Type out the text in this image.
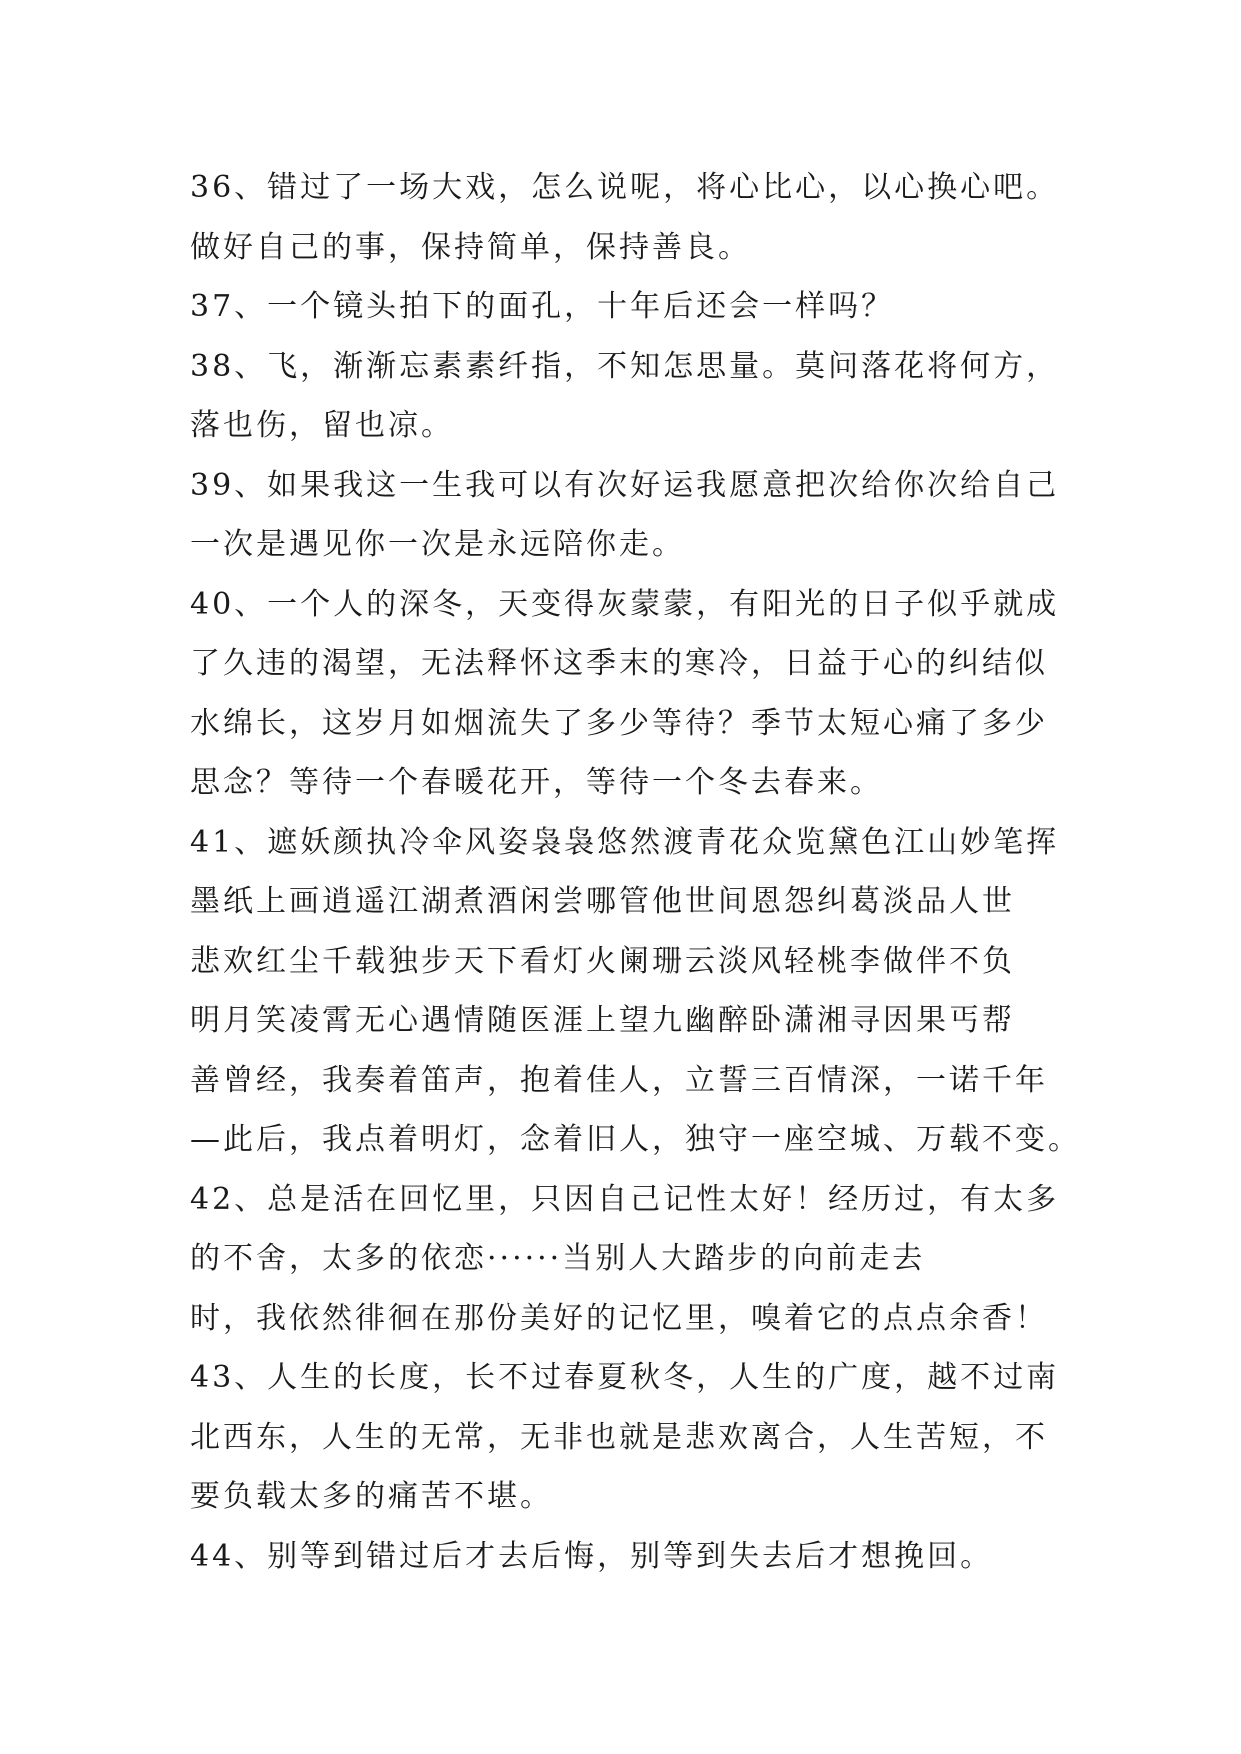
36、错过了一场大戏，怎么说呢，将心比心，以心换心吧。
做好自己的事，保持简单，保持善良。
37、一个镜头拍下的面孔，十年后还会一样吗？
38、飞，渐渐忘素素纤指，不知怎思量。莫问落花将何方，
落也伤，留也凉。
39、如果我这一生我可以有次好运我愿意把次给你次给自己
一次是遇见你一次是永远陪你走。
40、一个人的深冬，天变得灰蒙蒙，有阳光的日子似乎就成
了久违的渴望，无法释怀这季末的寒冷，日益于心的纠结似
水绵长，这岁月如烟流失了多少等待？季节太短心痛了多少
思念？等待一个春暖花开，等待一个冬去春来。
41、遮妖颜执冷伞风姿袅袅悠然渡青花众览黛色江山妙笔挥
墨纸上画逍遥江湖煮酒闲尝哪管他世间恩怨纠葛淡品人世
悲欢红尘千载独步天下看灯火阑珊云淡风轻桃李做伴不负
明月笑凌霄无心遇情随医涯上望九幽醉卧潇湘寻因果丐帮
善曾经，我奏着笛声，抱着佳人，立誓三百情深，一诺千年
—此后，我点着明灯，念着旧人，独守一座空城、万载不变。
42、总是活在回忆里，只因自己记性太好！经历过，有太多
的不舍，太多的依恋······当别人大踏步的向前走去
时，我依然徘徊在那份美好的记忆里，嗅着它的点点余香！
43、人生的长度，长不过春夏秋冬，人生的广度，越不过南
北西东，人生的无常，无非也就是悲欢离合，人生苦短，不
要负载太多的痛苦不堪。
44、别等到错过后才去后悔，别等到失去后才想挽回。
